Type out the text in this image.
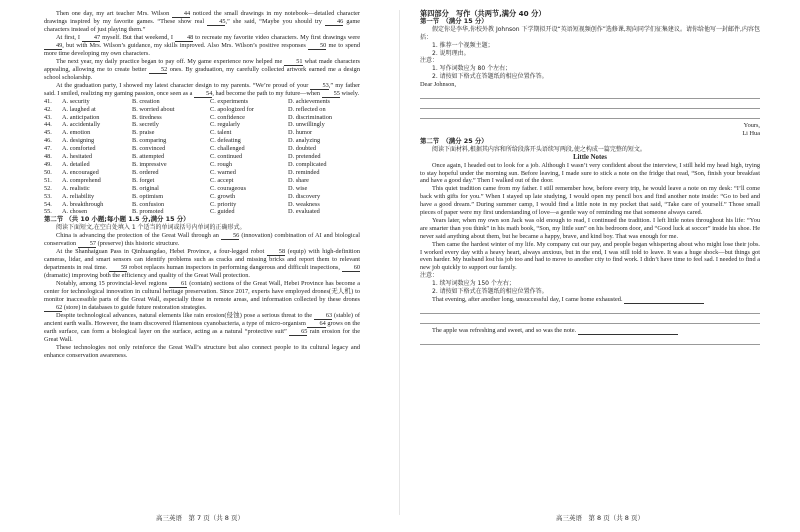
Then one day, my art teacher Mrs. Wilson 44 noticed the small drawings in my notebook—detailed character drawings inspired by my favorite games. “These show real 45,” she said, “Maybe you should try 46 game characters instead of just playing them.”

At first, I 47 myself. But that weekend, I 48 to recreate my favorite video characters. My first drawings were 49, but with Mrs. Wilson’s guidance, my skills improved. Also Mrs. Wilson’s positive responses 50 me to spend more time developing my own characters.

The next year, my daily practice began to pay off. My game experience now helped me 51 what made characters appealing, allowing me to create better 52 ones. By graduation, my carefully collected artwork earned me a design school scholarship.

At the graduation party, I showed my latest character design to my parents. “We’re proud of your 53,” my father said. I smiled, realizing my gaming passion, once seen as a 54, had become the path to my future—when 55 wisely.

41.	A. security	B. creation	C. experiments	D. achievements
42.	A. laughed at	B. worried about	C. apologized for	D. reflected on
43.	A. anticipation	B. tiredness	C. confidence	D. discrimination
44.	A. accidentally	B. secretly	C. regularly	D. unwillingly
45.	A. emotion	B. praise	C. talent	D. humor
46.	A. designing	B. comparing	C. defeating	D. analyzing
47.	A. comforted	B. convinced	C. challenged	D. doubted
48.	A. hesitated	B. attempted	C. continued	D. pretended
49.	A. detailed	B. impressive	C. rough	D. complicated
50.	A. encouraged	B. ordered	C. warned	D. reminded
51.	A. comprehend	B. forget	C. accept	D. share
52.	A. realistic	B. original	C. courageous	D. wise
53.	A. reliability	B. optimism	C. growth	D. discovery
54.	A. breakthrough	B. confusion	C. priority	D. weakness
55.	A. chosen	B. promoted	C. guided	D. evaluated

第二节 （共 10 小题;每小题 1.5 分,满分 15 分）

阅读下面短文,在空白处填入 1 个适当的单词或括号内单词的正确形式。

China is advancing the protection of the Great Wall through an 56 (innovation) combination of AI and biological conservation 57 (preserve) this historic structure.

At the Shanhaiguan Pass in Qinhuangdao, Hebei Province, a four-legged robot 58 (equip) with high-definition cameras, lidar, and smart sensors can identify problems such as cracks and missing bricks and report them to relevant departments in real time. 59 robot replaces human inspectors in performing dangerous and difficult inspections, 60 (dramatic) improving both the efficiency and quality of the Great Wall protection.

Notably, among 15 provincial-level regions 61 (contain) sections of the Great Wall, Hebei Province has become a center for technological innovation in cultural heritage preservation. Since 2017, experts have employed drones(无人机) to monitor inaccessible parts of the Great Wall, especially those in remote areas, and information collected by these drones 62 (store) in databases to guide future restoration strategies.

Despite technological advances, natural elements like rain erosion(侵蚀) pose a serious threat to the 63 (stable) of ancient earth walls. However, the team discovered filamentous cyanobacteria, a type of micro-organism 64 grows on the earth surface, can form a biological layer on the surface, acting as a natural “protective suit” 65 rain erosion for the Great Wall.

These technologies not only reinforce the Great Wall’s structure but also connect people to its cultural legacy and enhance conservation awareness.

高三英语　第 7 页（共 8 页）

第四部分　写作（共两节,满分 40 分）

第一节　（满分 15 分）

假定你是李华,你校外教 Johnson 下学期拟开设“英语短视频创作”选修课,现向同学们征集建议。请你给他写一封邮件,内容包括：

1. 推荐一个视频主题；

2. 说明理由。

注意：

1. 写作词数应为 80 个左右；

2. 请按如下格式在答题纸的相应位置作答。

Dear Johnson,

Yours,

Li Hua

第二节　（满分 25 分）

阅读下面材料,根据其内容和所给段落开头语续写两段,使之构成一篇完整的短文。

Little Notes

Once again, I headed out to look for a job. Although I wasn’t very confident about the interview, I still held my head high, trying to stay hopeful under the morning sun. Before leaving, I made sure to stick a note on the fridge that read, “Son, finish your breakfast and have a good day.” Then I walked out of the door.

This quiet tradition came from my father. I still remember how, before every trip, he would leave a note on my desk: “I’ll come back with gifts for you.” When I stayed up late studying, I would open my pencil box and find another note inside: “Go to bed and have a good dream.” During summer camp, I would find a little note in my pocket that said, “Take care of yourself.” Those small pieces of paper were my first understanding of love—a gentle way of reminding me that someone always cared.

Years later, when my own son Jack was old enough to read, I continued the tradition. I left little notes throughout his life: “You are smarter than you think” in his math book, “Son, my little sun” on his bedroom door, and “Good luck at soccer” inside his shoe. He never said anything about them, but he became a happy, brave, and kind boy. That was enough for me.

Then came the hardest winter of my life. My company cut our pay, and people began whispering about who might lose their jobs. I worked every day with a heavy heart, always anxious, but in the end, I was still told to leave. It was a huge shock—but things got even harder. My husband lost his job too and had to move to another city to find work. I didn’t have time to feel sad. I needed to find a new job quickly to support our family.

注意：

1. 续写词数应为 150 个左右；

2. 请按如下格式在答题纸的相应位置作答。

That evening, after another long, unsuccessful day, I came home exhausted.

The apple was refreshing and sweet, and so was the note.

高三英语　第 8 页（共 8 页）
